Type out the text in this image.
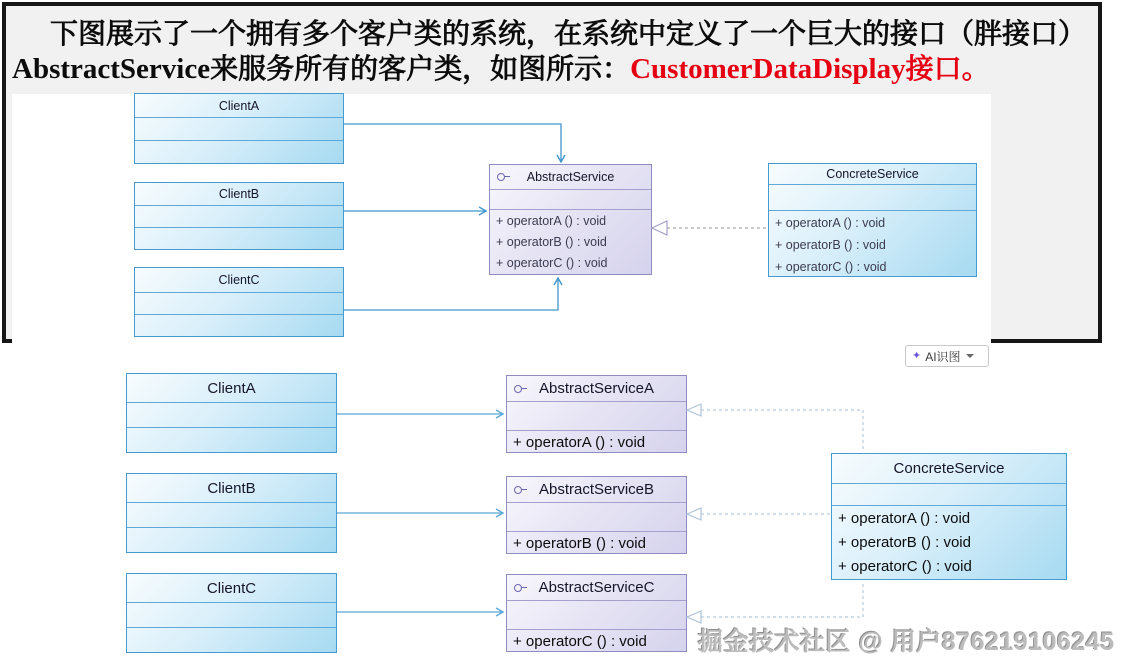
下图展示了一个拥有多个客户类的系统，在系统中定义了一个巨大的接口（胖接口）
AbstractService来服务所有的客户类，如图所示：CustomerDataDisplay接口。
ClientA
ClientB
ClientC
AbstractService
+ operatorA () : void
+ operatorB () : void
+ operatorC () : void
ConcreteService
+ operatorA () : void
+ operatorB () : void
+ operatorC () : void
ClientA
ClientB
ClientC
AbstractServiceA
+ operatorA () : void
AbstractServiceB
+ operatorB () : void
AbstractServiceC
+ operatorC () : void
ConcreteService
+ operatorA () : void
+ operatorB () : void
+ operatorC () : void
✦ AI识图
掘金技术社区 @ 用户876219106245
